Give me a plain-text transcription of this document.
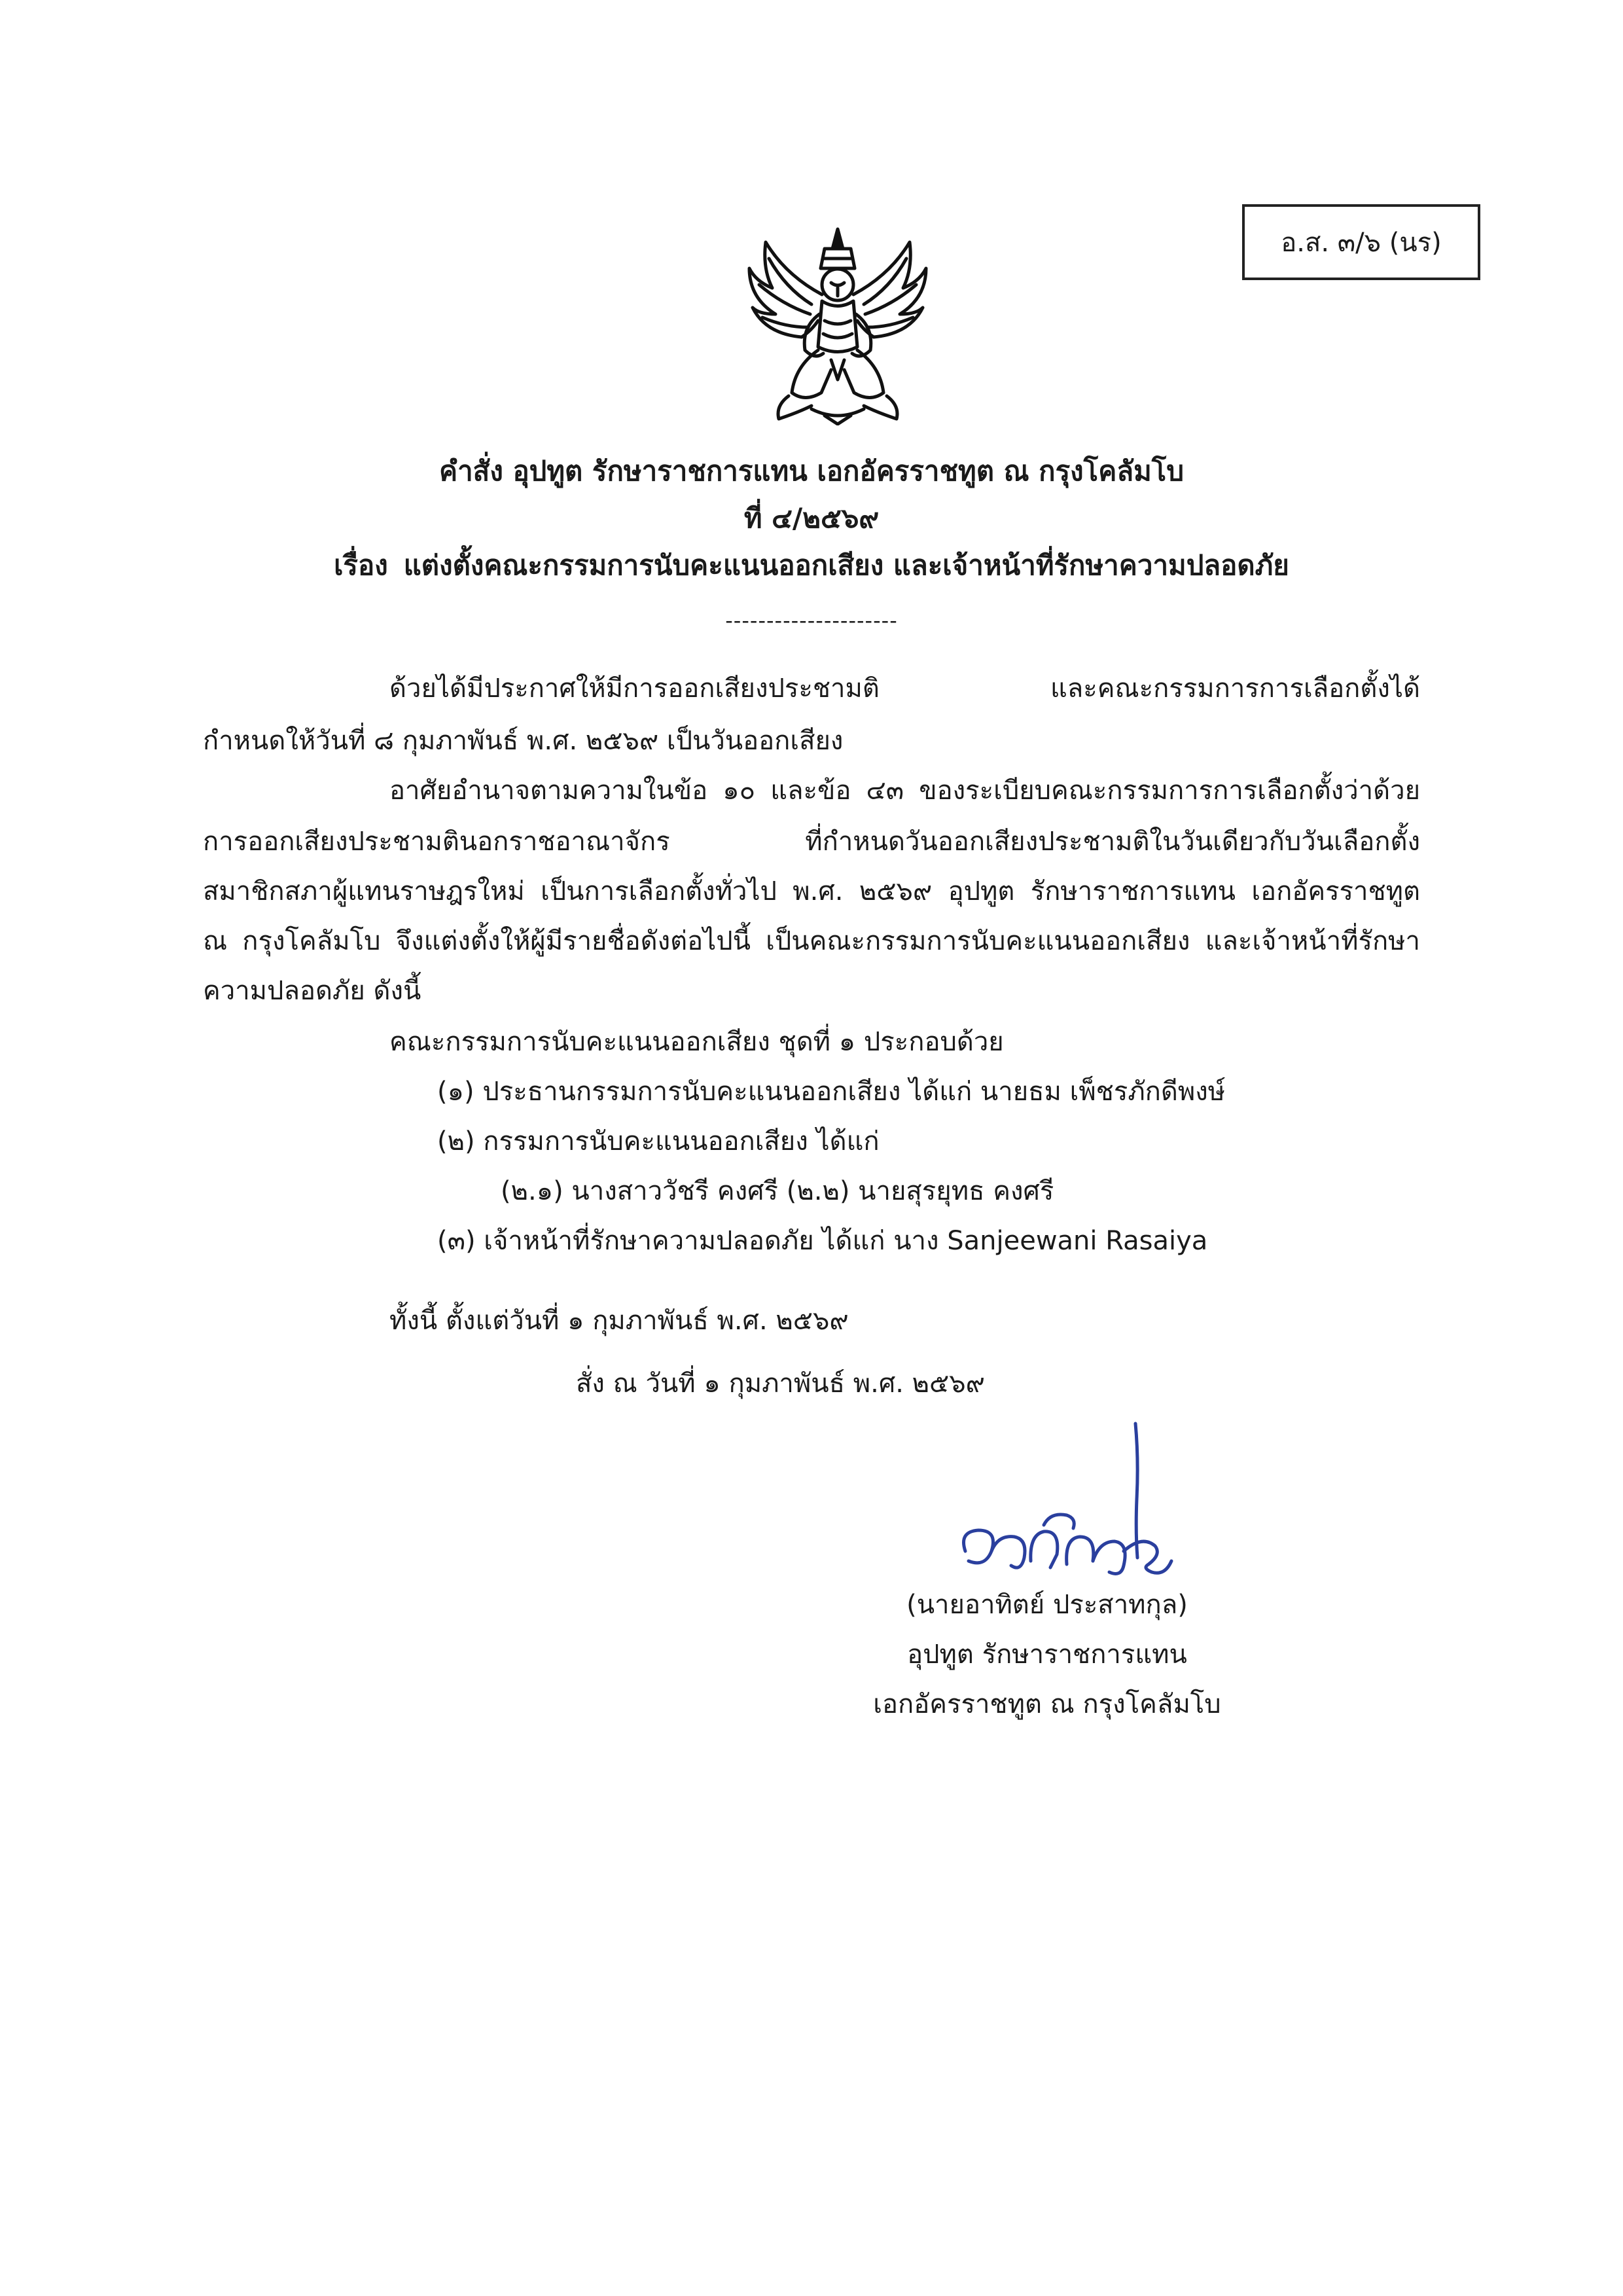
อ.ส. ๓/๖ (นร)
คำสั่ง อุปทูต รักษาราชการแทน เอกอัครราชทูต ณ กรุงโคลัมโบ
ที่ ๔/๒๕๖๙
เรื่อง แต่งตั้งคณะกรรมการนับคะแนนออกเสียง และเจ้าหน้าที่รักษาความปลอดภัย
---------------------
ด้วยได้มีประกาศให้มีการออกเสียงประชามติ และคณะกรรมการการเลือกตั้งได้
กำหนดให้วันที่ ๘ กุมภาพันธ์ พ.ศ. ๒๕๖๙ เป็นวันออกเสียง
อาศัยอำนาจตามความในข้อ ๑๐ และข้อ ๔๓ ของระเบียบคณะกรรมการการเลือกตั้งว่าด้วย
การออกเสียงประชามตินอกราชอาณาจักร ที่กำหนดวันออกเสียงประชามติในวันเดียวกับวันเลือกตั้ง
สมาชิกสภาผู้แทนราษฎรใหม่ เป็นการเลือกตั้งทั่วไป พ.ศ. ๒๕๖๙ อุปทูต รักษาราชการแทน เอกอัครราชทูต
ณ กรุงโคลัมโบ จึงแต่งตั้งให้ผู้มีรายชื่อดังต่อไปนี้ เป็นคณะกรรมการนับคะแนนออกเสียง และเจ้าหน้าที่รักษา
ความปลอดภัย ดังนี้
คณะกรรมการนับคะแนนออกเสียง ชุดที่ ๑ ประกอบด้วย
(๑) ประธานกรรมการนับคะแนนออกเสียง ได้แก่ นายธม เพ็ชรภักดีพงษ์
(๒) กรรมการนับคะแนนออกเสียง ได้แก่
(๒.๑) นางสาววัชรี คงศรี (๒.๒) นายสุรยุทธ คงศรี
(๓) เจ้าหน้าที่รักษาความปลอดภัย ได้แก่ นาง Sanjeewani Rasaiya
ทั้งนี้ ตั้งแต่วันที่ ๑ กุมภาพันธ์ พ.ศ. ๒๕๖๙
สั่ง ณ วันที่ ๑ กุมภาพันธ์ พ.ศ. ๒๕๖๙
(นายอาทิตย์ ประสาทกุล)
อุปทูต รักษาราชการแทน
เอกอัครราชทูต ณ กรุงโคลัมโบ
